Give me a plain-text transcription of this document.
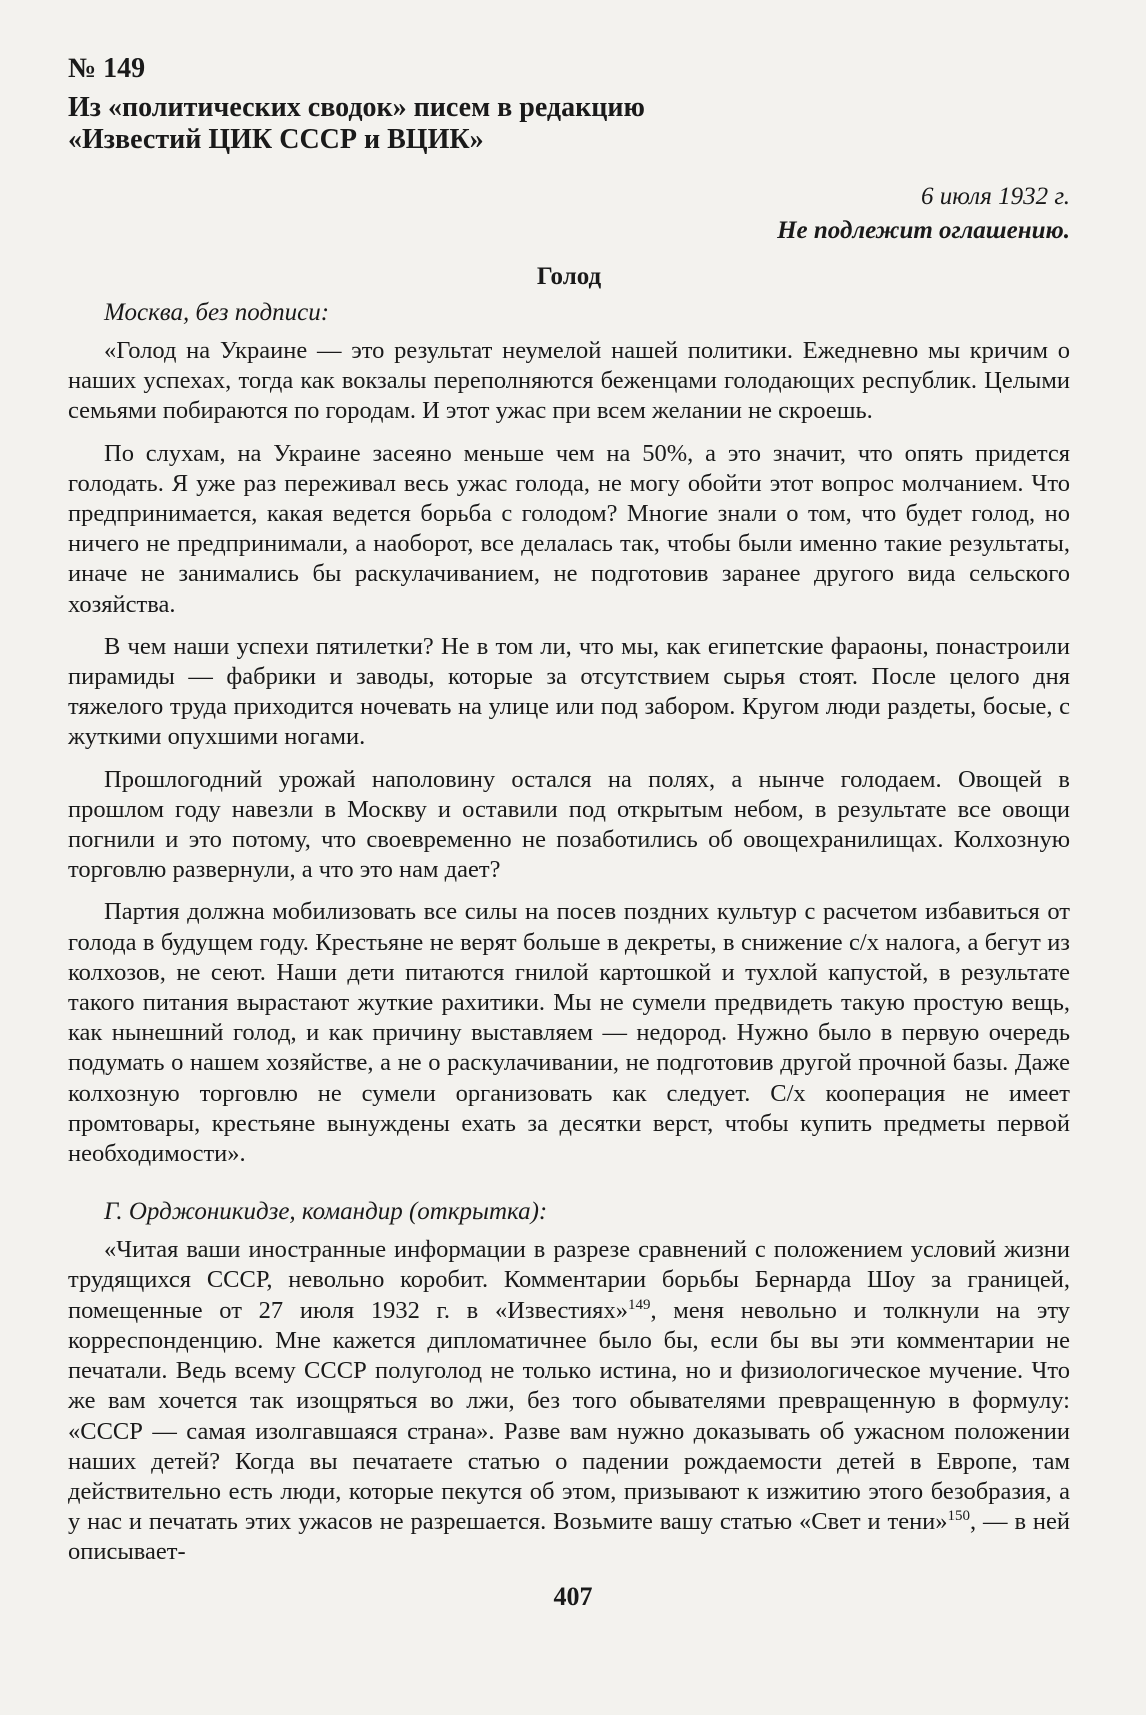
№ 149
Из «политических сводок» писем в редакцию
«Известий ЦИК СССР и ВЦИК»
6 июля 1932 г.
Не подлежит оглашению.
Голод
Москва, без подписи:

«Голод на Украине — это результат неумелой нашей политики. Ежедневно мы кричим о наших успехах, тогда как вокзалы переполняются беженцами голодающих республик. Целыми семьями побираются по городам. И этот ужас при всем желании не скроешь.

По слухам, на Украине засеяно меньше чем на 50%, а это значит, что опять придется голодать. Я уже раз переживал весь ужас голода, не могу обойти этот вопрос молчанием. Что предпринимается, какая ведется борьба с голодом? Многие знали о том, что будет голод, но ничего не предпринимали, а наоборот, все делалась так, чтобы были именно такие результаты, иначе не занимались бы раскулачиванием, не подготовив заранее другого вида сельского хозяйства.

В чем наши успехи пятилетки? Не в том ли, что мы, как египетские фараоны, понастроили пирамиды — фабрики и заводы, которые за отсутствием сырья стоят. После целого дня тяжелого труда приходится ночевать на улице или под забором. Кругом люди раздеты, босые, с жуткими опухшими ногами.

Прошлогодний урожай наполовину остался на полях, а нынче голодаем. Овощей в прошлом году навезли в Москву и оставили под открытым небом, в результате все овощи погнили и это потому, что своевременно не позаботились об овощехранилищах. Колхозную торговлю развернули, а что это нам дает?

Партия должна мобилизовать все силы на посев поздних культур с расчетом избавиться от голода в будущем году. Крестьяне не верят больше в декреты, в снижение с/х налога, а бегут из колхозов, не сеют. Наши дети питаются гнилой картошкой и тухлой капустой, в результате такого питания вырастают жуткие рахитики. Мы не сумели предвидеть такую простую вещь, как нынешний голод, и как причину выставляем — недород. Нужно было в первую очередь подумать о нашем хозяйстве, а не о раскулачивании, не подготовив другой прочной базы. Даже колхозную торговлю не сумели организовать как следует. С/х кооперация не имеет промтовары, крестьяне вынуждены ехать за десятки верст, чтобы купить предметы первой необходимости».

Г. Орджоникидзе, командир (открытка):

«Читая ваши иностранные информации в разрезе сравнений с положением условий жизни трудящихся СССР, невольно коробит. Комментарии борьбы Бернарда Шоу за границей, помещенные от 27 июля 1932 г. в «Известиях»$^{149}$, меня невольно и толкнули на эту корреспонденцию. Мне кажется дипломатичнее было бы, если бы вы эти комментарии не печатали. Ведь всему СССР полуголод не только истина, но и физиологическое мучение. Что же вам хочется так изощряться во лжи, без того обывателями превращенную в формулу: «СССР — самая изолгавшаяся страна». Разве вам нужно доказывать об ужасном положении наших детей? Когда вы печатаете статью о падении рождаемости детей в Европе, там действительно есть люди, которые пекутся об этом, призывают к изжитию этого безобразия, а у нас и печатать этих ужасов не разрешается. Возьмите вашу статью «Свет и тени»$^{150}$, — в ней описывает-

407
